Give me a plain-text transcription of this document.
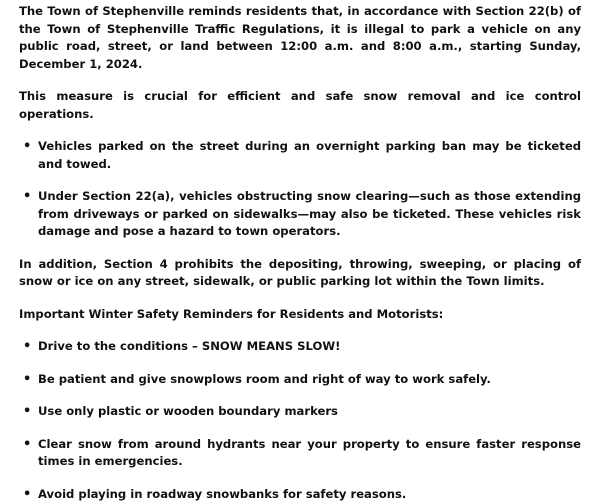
The Town of Stephenville reminds residents that, in accordance with Section 22(b) of the Town of Stephenville Traffic Regulations, it is illegal to park a vehicle on any public road, street, or land between 12:00 a.m. and 8:00 a.m., starting Sunday, December 1, 2024.

This measure is crucial for efficient and safe snow removal and ice control operations.

• Vehicles parked on the street during an overnight parking ban may be ticketed and towed.
• Under Section 22(a), vehicles obstructing snow clearing—such as those extending from driveways or parked on sidewalks—may also be ticketed. These vehicles risk damage and pose a hazard to town operators.

In addition, Section 4 prohibits the depositing, throwing, sweeping, or placing of snow or ice on any street, sidewalk, or public parking lot within the Town limits.

Important Winter Safety Reminders for Residents and Motorists:

• Drive to the conditions – SNOW MEANS SLOW!
• Be patient and give snowplows room and right of way to work safely.
• Use only plastic or wooden boundary markers
• Clear snow from around hydrants near your property to ensure faster response times in emergencies.
• Avoid playing in roadway snowbanks for safety reasons.
